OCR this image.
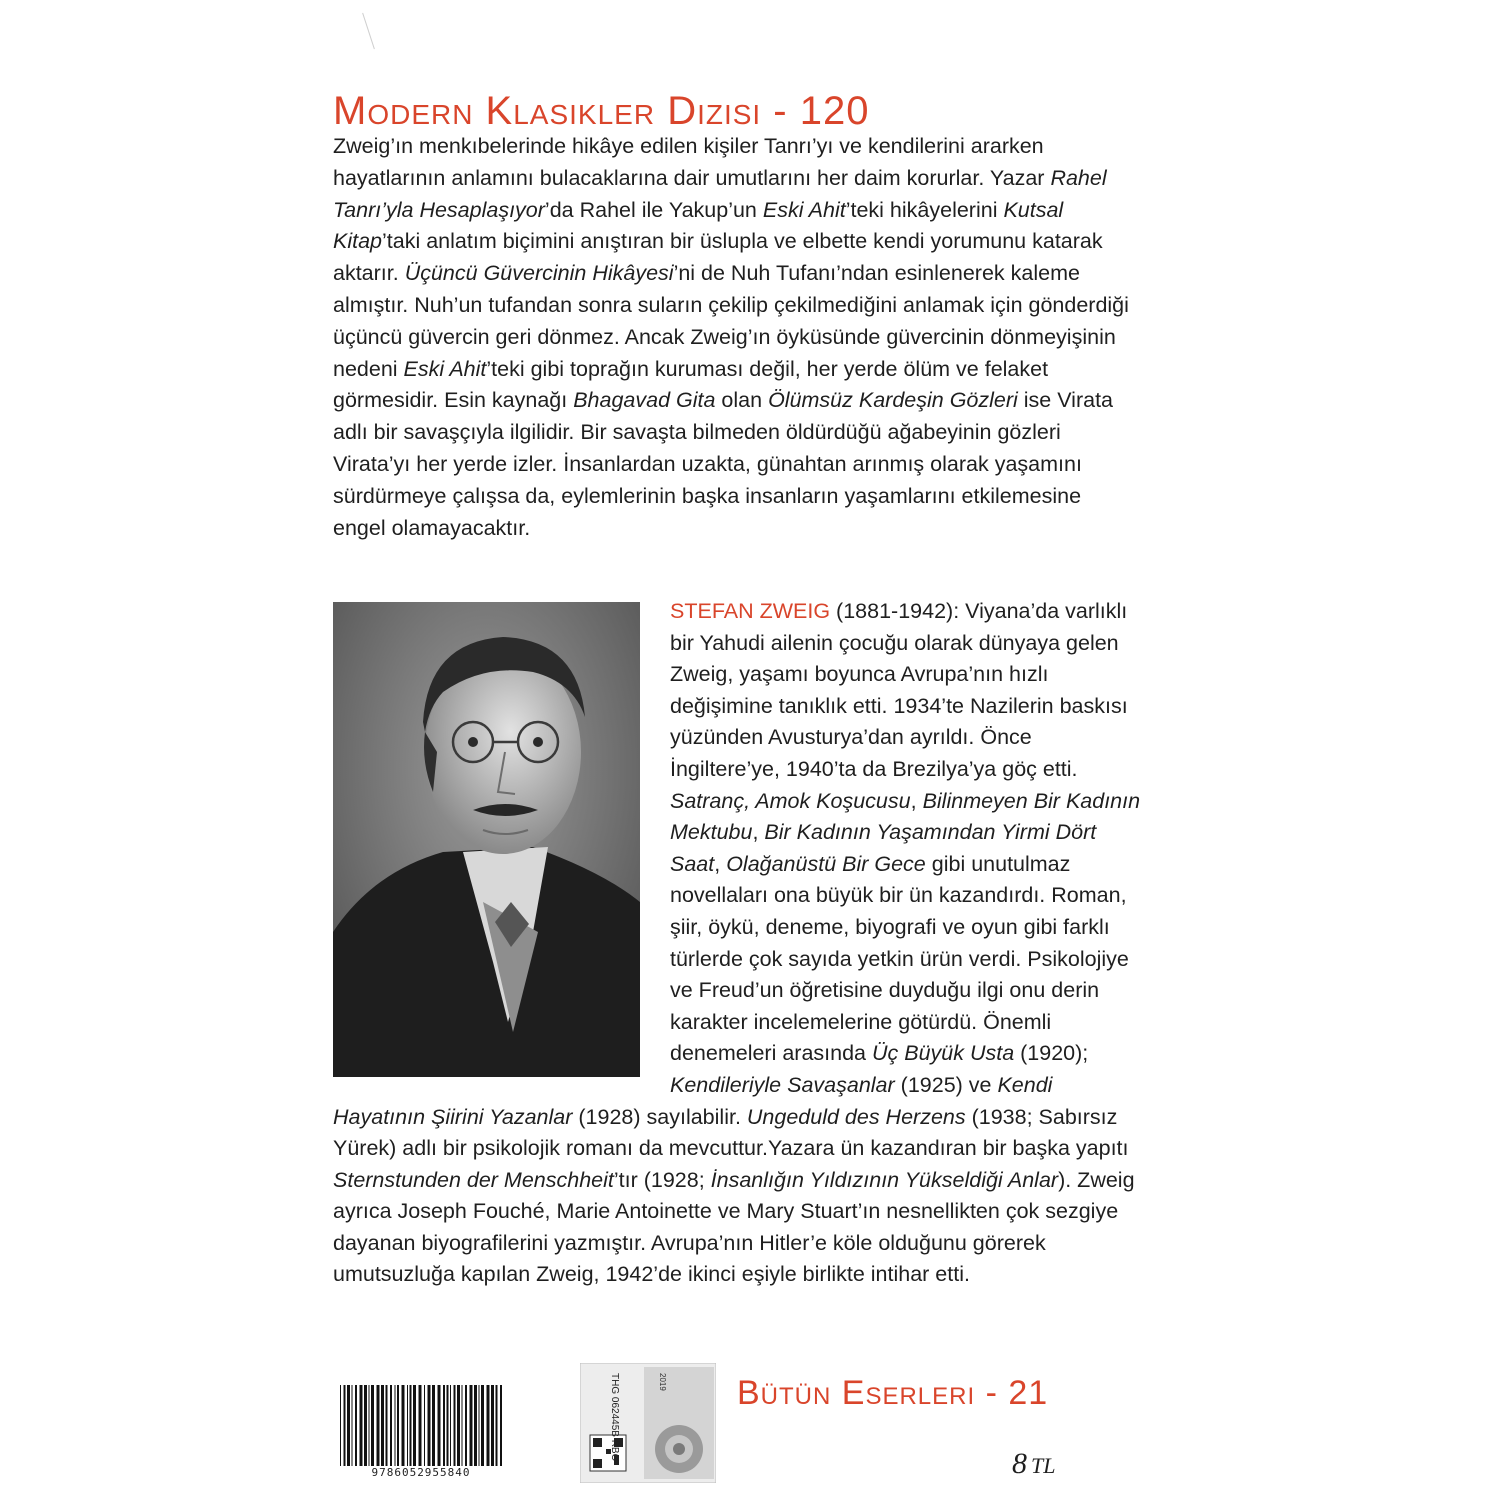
Modern Klasikler Dizisi - 120

Zweig’ın menkıbelerinde hikâye edilen kişiler Tanrı’yı ve kendilerini ararken hayatlarının anlamını bulacaklarına dair umutlarını her daim korurlar. Yazar Rahel Tanrı’yla Hesaplaşıyor’da Rahel ile Yakup’un Eski Ahit’teki hikâyelerini Kutsal Kitap’taki anlatım biçimini anıştıran bir üslupla ve elbette kendi yorumunu katarak aktarır. Üçüncü Güvercinin Hikâyesi’ni de Nuh Tufanı’ndan esinlenerek kaleme almıştır. Nuh’un tufandan sonra suların çekilip çekilmediğini anlamak için gönderdiği üçüncü güvercin geri dönmez. Ancak Zweig’ın öyküsünde güvercinin dönmeyişinin nedeni Eski Ahit’teki gibi toprağın kuruması değil, her yerde ölüm ve felaket görmesidir. Esin kaynağı Bhagavad Gita olan Ölümsüz Kardeşin Gözleri ise Virata adlı bir savaşçıyla ilgilidir. Bir savaşta bilmeden öldürdüğü ağabeyinin gözleri Virata’yı her yerde izler. İnsanlardan uzakta, günahtan arınmış olarak yaşamını sürdürmeye çalışsa da, eylemlerinin başka insanların yaşamlarını etkilemesine engel olamayacaktır.

STEFAN ZWEIG (1881-1942): Viyana’da varlıklı bir Yahudi ailenin çocuğu olarak dünyaya gelen Zweig, yaşamı boyunca Avrupa’nın hızlı değişimine tanıklık etti. 1934’te Nazilerin baskısı yüzünden Avusturya’dan ayrıldı. Önce İngiltere’ye, 1940’ta da Brezilya’ya göç etti. Satranç, Amok Koşucusu, Bilinmeyen Bir Kadının Mektubu, Bir Kadının Yaşamından Yirmi Dört Saat, Olağanüstü Bir Gece gibi unutulmaz novellaları ona büyük bir ün kazandırdı. Roman, şiir, öykü, deneme, biyografi ve oyun gibi farklı türlerde çok sayıda yetkin ürün verdi. Psikolojiye ve Freud’un öğretisine duyduğu ilgi onu derin karakter incelemelerine götürdü. Önemli denemeleri arasında Üç Büyük Usta (1920); Kendileriyle Savaşanlar (1925) ve Kendi Hayatının Şiirini Yazanlar (1928) sayılabilir. Ungeduld des Herzens (1938; Sabırsız Yürek) adlı bir psikolojik romanı da mevcuttur.Yazara ün kazandıran bir başka yapıtı Sternstunden der Menschheit’tır (1928; İnsanlığın Yıldızının Yükseldiği Anlar). Zweig ayrıca Joseph Fouché, Marie Antoinette ve Mary Stuart’ın nesnellikten çok sezgiye dayanan biyografilerini yazmıştır. Avrupa’nın Hitler’e köle olduğunu görerek umutsuzluğa kapılan Zweig, 1942’de ikinci eşiyle birlikte intihar etti.

9786052955840
THG 062445B RBC	2019 Bütün Eserleri - 21
8 TL
